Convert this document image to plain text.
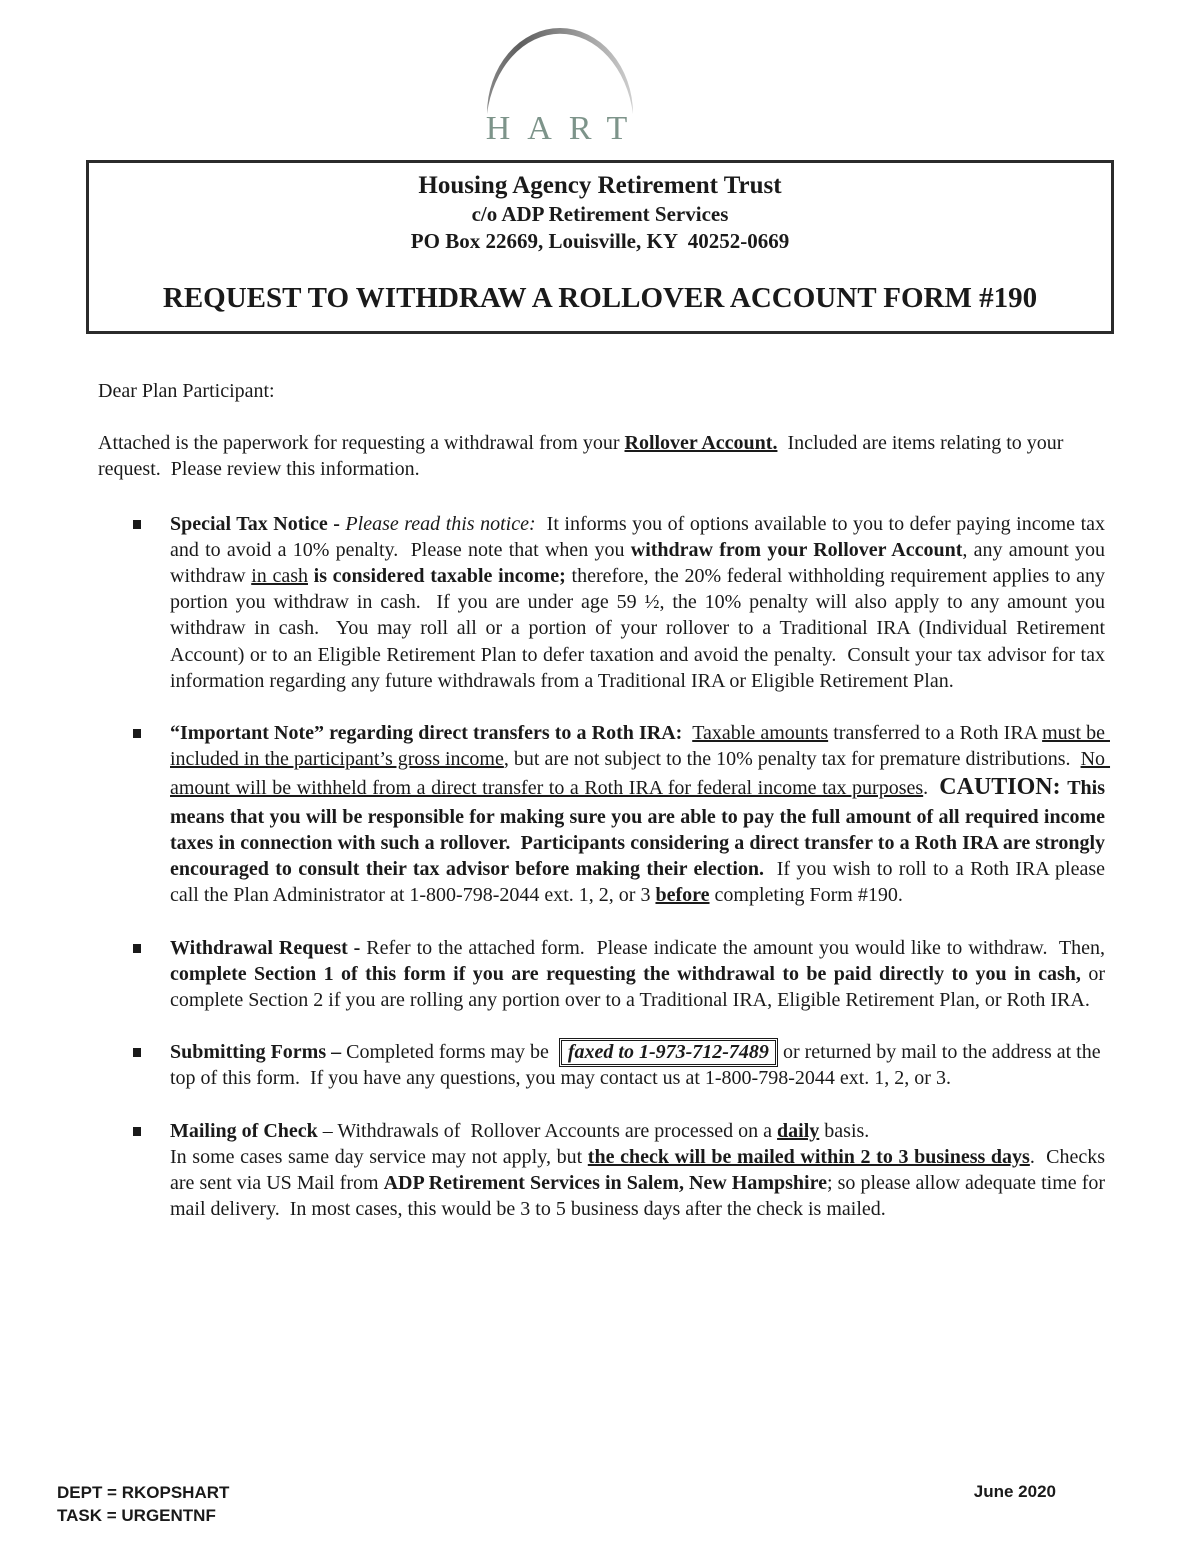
HART
Housing Agency Retirement Trust
c/o ADP Retirement Services
PO Box 22669, Louisville, KY  40252-0669
REQUEST TO WITHDRAW A ROLLOVER ACCOUNT FORM #190
Dear Plan Participant:
Attached is the paperwork for requesting a withdrawal from your Rollover Account.  Included are items relating to your request.  Please review this information.
Special Tax Notice - Please read this notice:  It informs you of options available to you to defer paying income tax and to avoid a 10% penalty.  Please note that when you withdraw from your Rollover Account, any amount you withdraw in cash is considered taxable income; therefore, the 20% federal withholding requirement applies to any portion you withdraw in cash.  If you are under age 59 ½, the 10% penalty will also apply to any amount you withdraw in cash.  You may roll all or a portion of your rollover to a Traditional IRA (Individual Retirement Account) or to an Eligible Retirement Plan to defer taxation and avoid the penalty.  Consult your tax advisor for tax information regarding any future withdrawals from a Traditional IRA or Eligible Retirement Plan.
“Important Note” regarding direct transfers to a Roth IRA: Taxable amounts transferred to a Roth IRA must be included in the participant’s gross income, but are not subject to the 10% penalty tax for premature distributions.  No amount will be withheld from a direct transfer to a Roth IRA for federal income tax purposes.  CAUTION: This means that you will be responsible for making sure you are able to pay the full amount of all required income taxes in connection with such a rollover.  Participants considering a direct transfer to a Roth IRA are strongly encouraged to consult their tax advisor before making their election.  If you wish to roll to a Roth IRA please call the Plan Administrator at 1-800-798-2044 ext. 1, 2, or 3 before completing Form #190.
Withdrawal Request - Refer to the attached form.  Please indicate the amount you would like to withdraw.  Then, complete Section 1 of this form if you are requesting the withdrawal to be paid directly to you in cash, or complete Section 2 if you are rolling any portion over to a Traditional IRA, Eligible Retirement Plan, or Roth IRA.
Submitting Forms – Completed forms may be  faxed to 1-973-712-7489 or returned by mail to the address at the top of this form.  If you have any questions, you may contact us at 1-800-798-2044 ext. 1, 2, or 3.
Mailing of Check – Withdrawals of  Rollover Accounts are processed on a daily basis.
In some cases same day service may not apply, but the check will be mailed within 2 to 3 business days.  Checks are sent via US Mail from ADP Retirement Services in Salem, New Hampshire; so please allow adequate time for mail delivery.  In most cases, this would be 3 to 5 business days after the check is mailed.
DEPT = RKOPSHART
TASK = URGENTNF
June 2020
